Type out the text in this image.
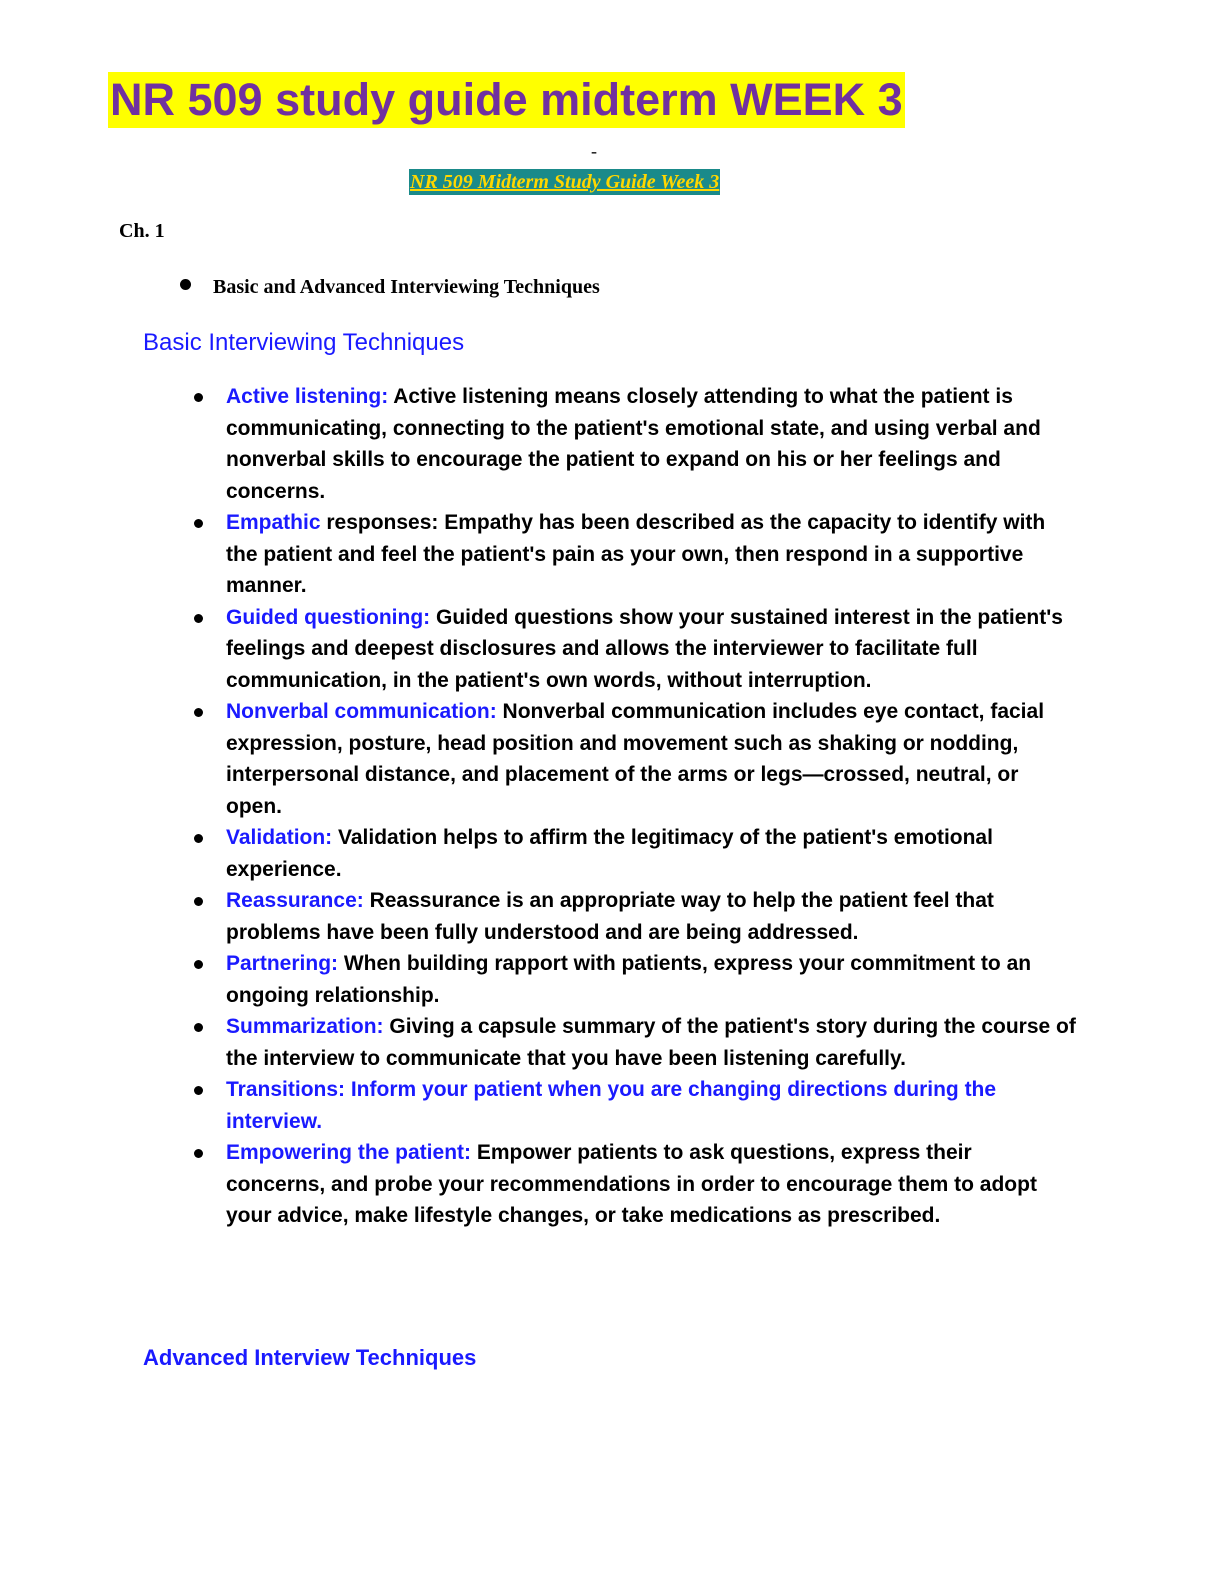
NR 509 study guide midterm WEEK 3
-
NR 509 Midterm Study Guide Week 3
Ch. 1
Basic and Advanced Interviewing Techniques
Basic Interviewing Techniques
Active listening: Active listening means closely attending to what the patient is communicating, connecting to the patient's emotional state, and using verbal and nonverbal skills to encourage the patient to expand on his or her feelings and concerns.
Empathic responses: Empathy has been described as the capacity to identify with the patient and feel the patient's pain as your own, then respond in a supportive manner.
Guided questioning: Guided questions show your sustained interest in the patient's feelings and deepest disclosures and allows the interviewer to facilitate full communication, in the patient's own words, without interruption.
Nonverbal communication: Nonverbal communication includes eye contact, facial expression, posture, head position and movement such as shaking or nodding, interpersonal distance, and placement of the arms or legs—crossed, neutral, or open.
Validation: Validation helps to affirm the legitimacy of the patient's emotional experience.
Reassurance: Reassurance is an appropriate way to help the patient feel that problems have been fully understood and are being addressed.
Partnering: When building rapport with patients, express your commitment to an ongoing relationship.
Summarization: Giving a capsule summary of the patient's story during the course of the interview to communicate that you have been listening carefully.
Transitions: Inform your patient when you are changing directions during the interview.
Empowering the patient: Empower patients to ask questions, express their concerns, and probe your recommendations in order to encourage them to adopt your advice, make lifestyle changes, or take medications as prescribed.
Advanced Interview Techniques
